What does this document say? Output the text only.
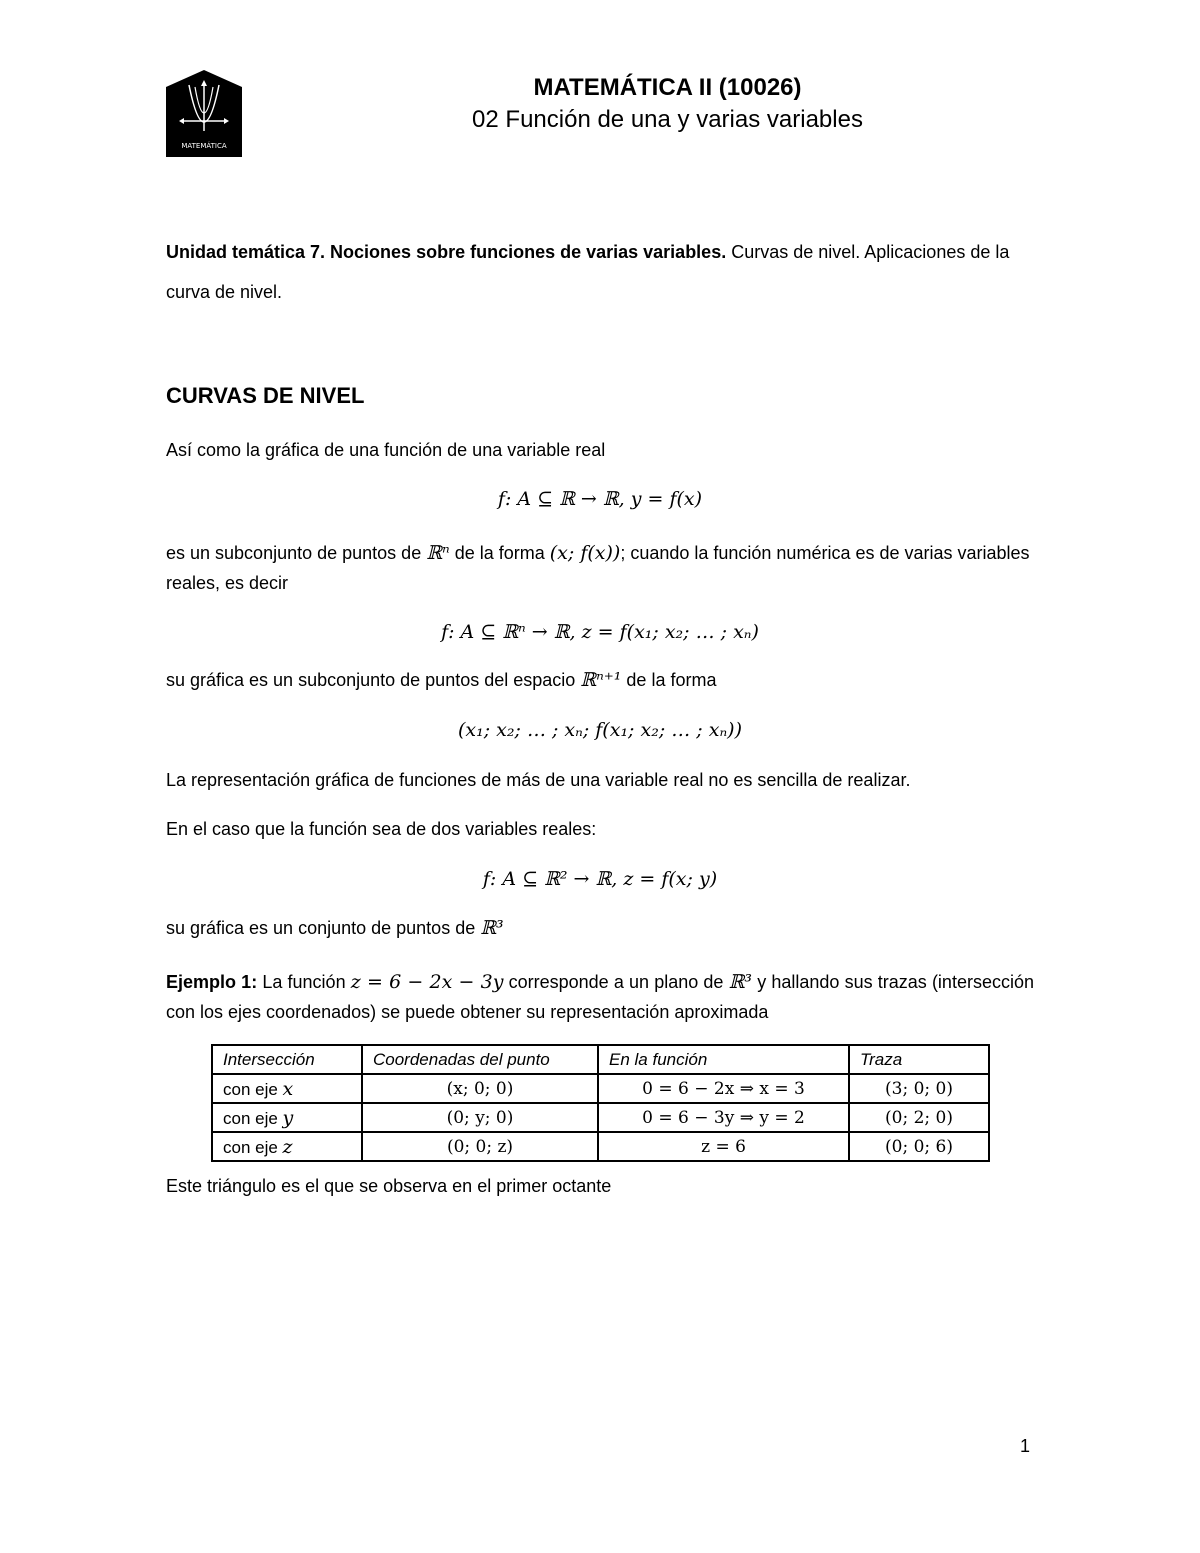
MATEMÁTICA
MATEMÁTICA II (10026)
02 Función de una y varias variables
Unidad temática 7. Nociones sobre funciones de varias variables. Curvas de nivel. Aplicaciones de la curva de nivel.
CURVAS DE NIVEL
Así como la gráfica de una función de una variable real
f: A ⊆ ℝ → ℝ, y = f(x)
es un subconjunto de puntos de ℝⁿ de la forma (x; f(x)); cuando la función numérica es de varias variables reales, es decir
f: A ⊆ ℝⁿ → ℝ, z = f(x₁; x₂; … ; xₙ)
su gráfica es un subconjunto de puntos del espacio ℝⁿ⁺¹ de la forma
(x₁; x₂; … ; xₙ; f(x₁; x₂; … ; xₙ))
La representación gráfica de funciones de más de una variable real no es sencilla de realizar.
En el caso que la función sea de dos variables reales:
f: A ⊆ ℝ² → ℝ, z = f(x; y)
su gráfica es un conjunto de puntos de ℝ³
Ejemplo 1: La función z = 6 − 2x − 3y corresponde a un plano de ℝ³ y hallando sus trazas (intersección con los ejes coordenados) se puede obtener su representación aproximada
Intersección	Coordenadas del punto	En la función	Traza
con eje x	(x; 0; 0)	0 = 6 − 2x ⇒ x = 3	(3; 0; 0)
con eje y	(0; y; 0)	0 = 6 − 3y ⇒ y = 2	(0; 2; 0)
con eje z	(0; 0; z)	z = 6	(0; 0; 6)
Este triángulo es el que se observa en el primer octante
1
